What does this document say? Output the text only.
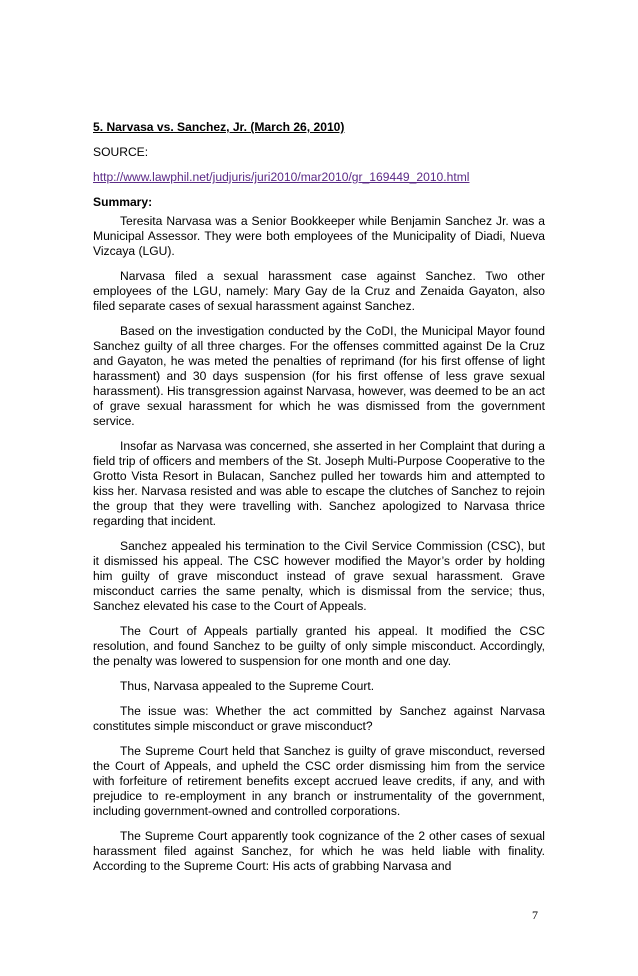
5. Narvasa vs. Sanchez, Jr. (March 26, 2010)
SOURCE:
http://www.lawphil.net/judjuris/juri2010/mar2010/gr_169449_2010.html
Summary:

Teresita Narvasa was a Senior Bookkeeper while Benjamin Sanchez Jr. was a Municipal Assessor. They were both employees of the Municipality of Diadi, Nueva Vizcaya (LGU).

Narvasa filed a sexual harassment case against Sanchez. Two other employees of the LGU, namely: Mary Gay de la Cruz and Zenaida Gayaton, also filed separate cases of sexual harassment against Sanchez.

Based on the investigation conducted by the CoDI, the Municipal Mayor found Sanchez guilty of all three charges. For the offenses committed against De la Cruz and Gayaton, he was meted the penalties of reprimand (for his first offense of light harassment) and 30 days suspension (for his first offense of less grave sexual harassment). His transgression against Narvasa, however, was deemed to be an act of grave sexual harassment for which he was dismissed from the government service.

Insofar as Narvasa was concerned, she asserted in her Complaint that during a field trip of officers and members of the St. Joseph Multi-Purpose Cooperative to the Grotto Vista Resort in Bulacan, Sanchez pulled her towards him and attempted to kiss her. Narvasa resisted and was able to escape the clutches of Sanchez to rejoin the group that they were travelling with. Sanchez apologized to Narvasa thrice regarding that incident.

Sanchez appealed his termination to the Civil Service Commission (CSC), but it dismissed his appeal. The CSC however modified the Mayor’s order by holding him guilty of grave misconduct instead of grave sexual harassment. Grave misconduct carries the same penalty, which is dismissal from the service; thus, Sanchez elevated his case to the Court of Appeals.

The Court of Appeals partially granted his appeal. It modified the CSC resolution, and found Sanchez to be guilty of only simple misconduct. Accordingly, the penalty was lowered to suspension for one month and one day.

Thus, Narvasa appealed to the Supreme Court.

The issue was: Whether the act committed by Sanchez against Narvasa constitutes simple misconduct or grave misconduct?

The Supreme Court held that Sanchez is guilty of grave misconduct, reversed the Court of Appeals, and upheld the CSC order dismissing him from the service with forfeiture of retirement benefits except accrued leave credits, if any, and with prejudice to re-employment in any branch or instrumentality of the government, including government-owned and controlled corporations.

The Supreme Court apparently took cognizance of the 2 other cases of sexual harassment filed against Sanchez, for which he was held liable with finality. According to the Supreme Court: His acts of grabbing Narvasa and

7
